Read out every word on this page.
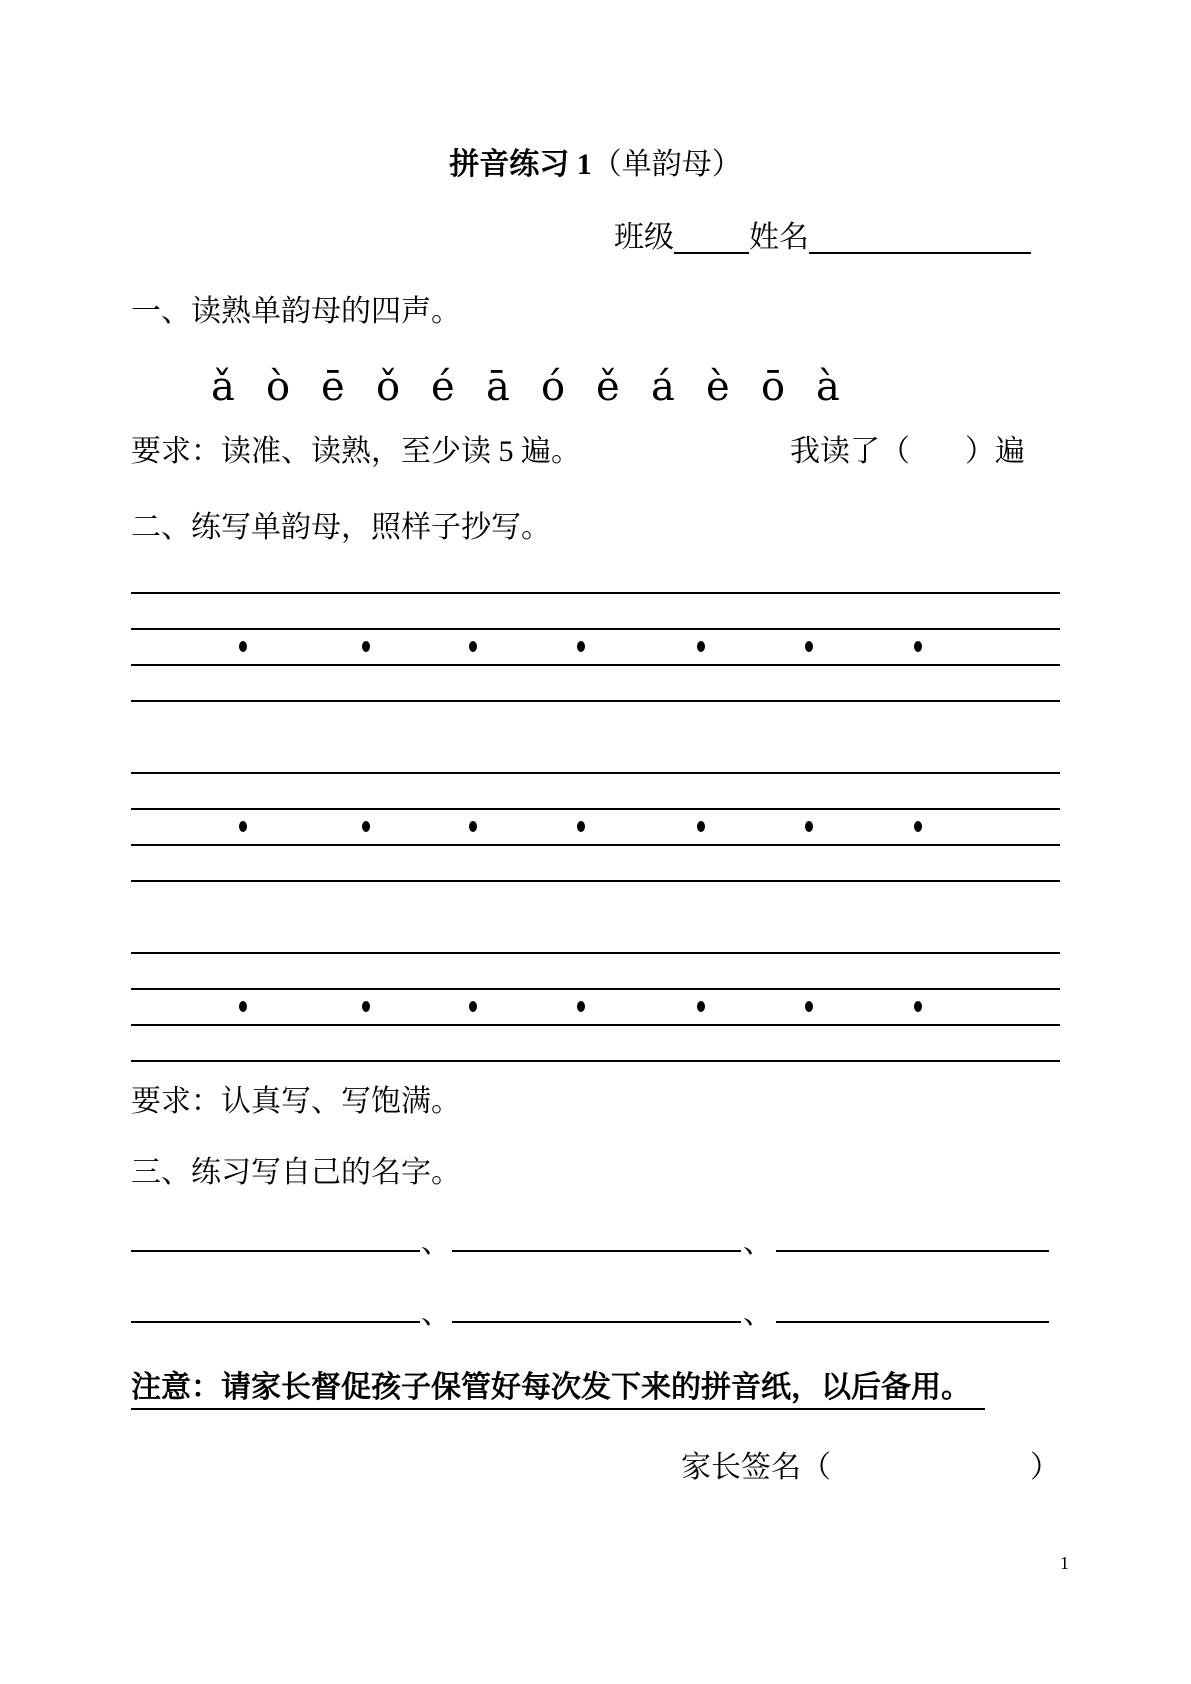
拼音练习 1（单韵母）
班级	姓名
一、读熟单韵母的四声。
ǎ ò ē ǒ é ā ó ě á è ō à
要求：读准、读熟，至少读 5 遍。	我读了（ ）遍
二、练写单韵母，照样子抄写。
要求：认真写、写饱满。
三、练习写自己的名字。
、	、
、	、
注意：请家长督促孩子保管好每次发下来的拼音纸，以后备用。
家长签名（	）
1
